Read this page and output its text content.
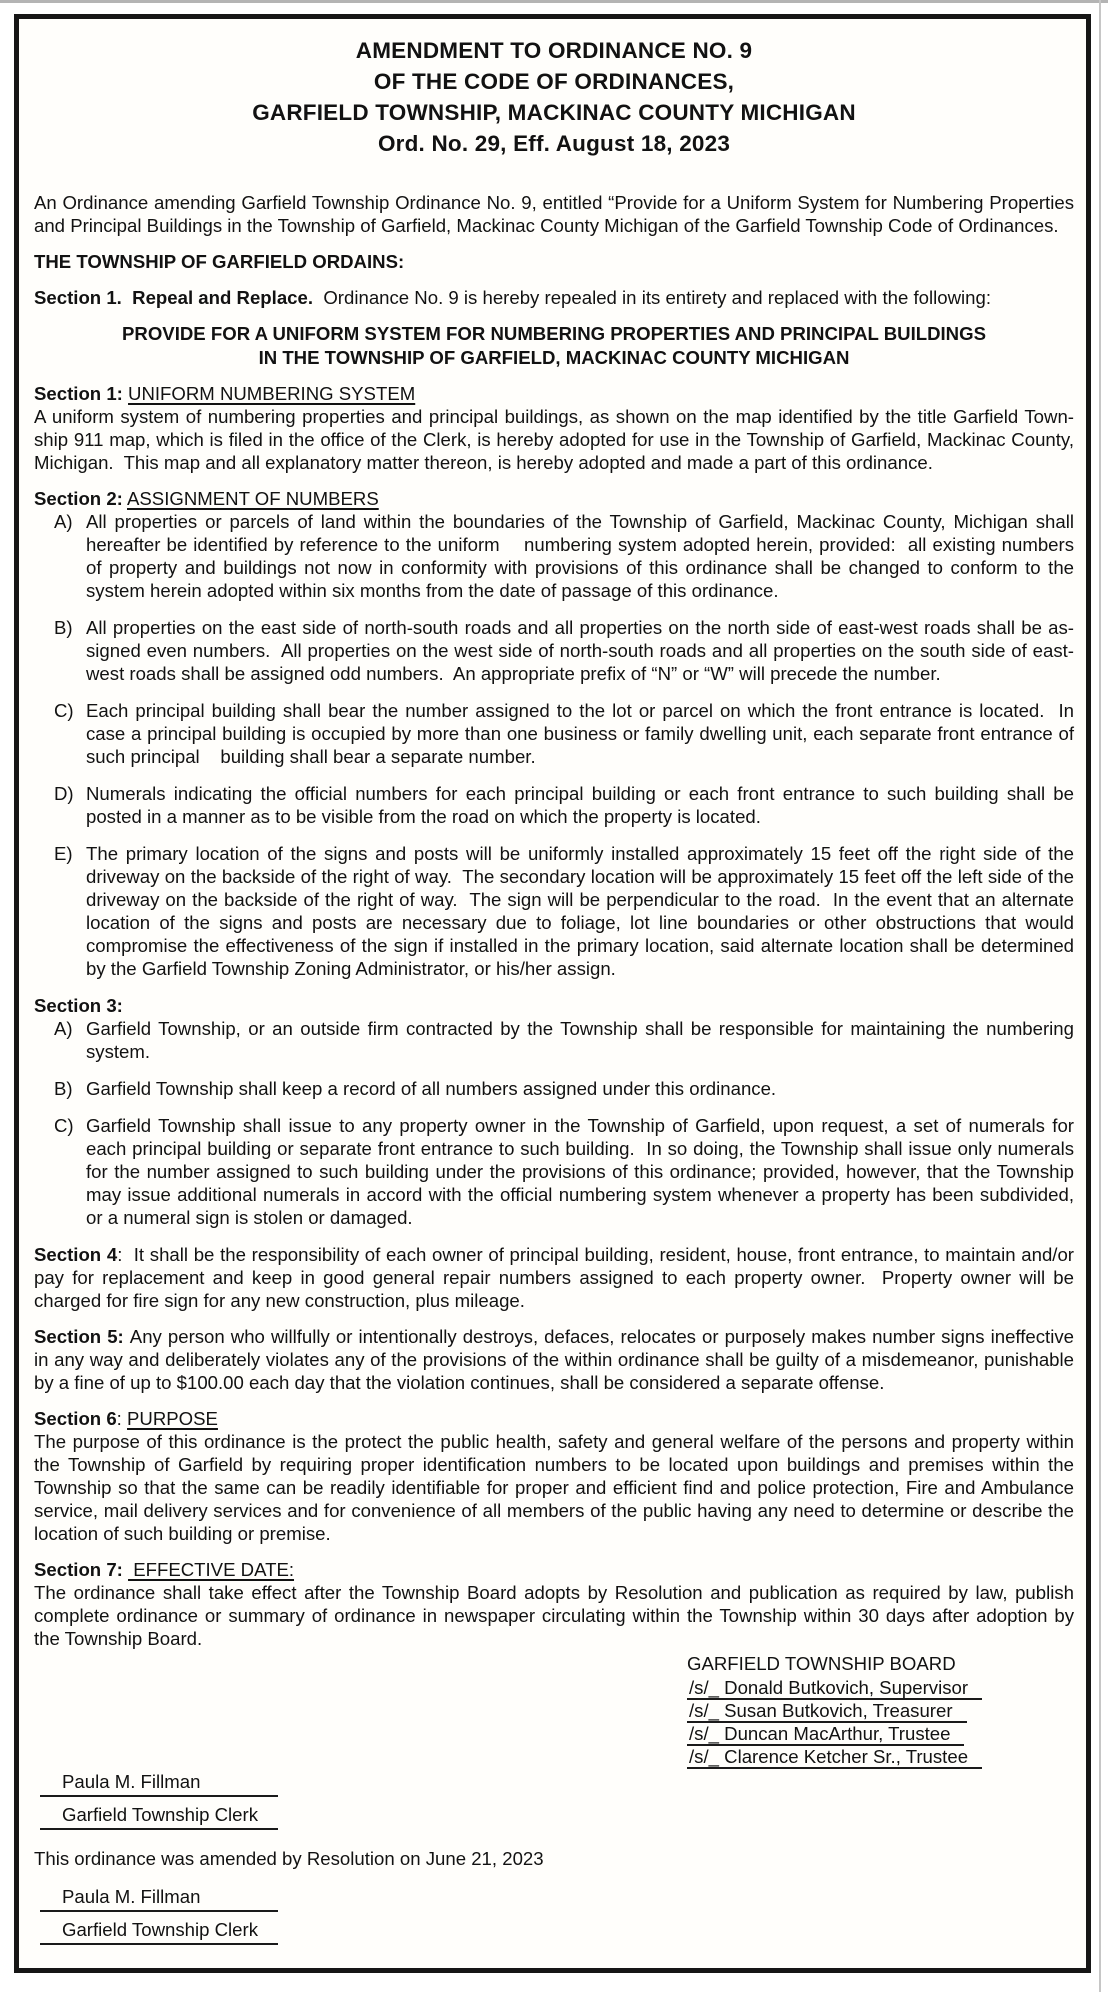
AMENDMENT TO ORDINANCE NO. 9
OF THE CODE OF ORDINANCES,
GARFIELD TOWNSHIP, MACKINAC COUNTY MICHIGAN
Ord. No. 29, Eff. August 18, 2023

An Ordinance amending Garfield Township Ordinance No. 9, entitled “Provide for a Uniform System for Numbering Properties and Principal Buildings in the Township of Garfield, Mackinac County Michigan of the Garfield Township Code of Ordinances.

THE TOWNSHIP OF GARFIELD ORDAINS:

Section 1.  Repeal and Replace.  Ordinance No. 9 is hereby repealed in its entirety and replaced with the following:

PROVIDE FOR A UNIFORM SYSTEM FOR NUMBERING PROPERTIES AND PRINCIPAL BUILDINGS
IN THE TOWNSHIP OF GARFIELD, MACKINAC COUNTY MICHIGAN

Section 1: UNIFORM NUMBERING SYSTEM

A uniform system of numbering properties and principal buildings, as shown on the map identified by the title Garfield Township 911 map, which is filed in the office of the Clerk, is hereby adopted for use in the Township of Garfield, Mackinac County, Michigan.  This map and all explanatory matter thereon, is hereby adopted and made a part of this ordinance.

Section 2: ASSIGNMENT OF NUMBERS

A) All properties or parcels of land within the boundaries of the Township of Garfield, Mackinac County, Michigan shall hereafter be identified by reference to the uniform    numbering system adopted herein, provided:  all existing numbers of property and buildings not now in conformity with provisions of this ordinance shall be changed to conform to the system herein adopted within six months from the date of passage of this ordinance.
B) All properties on the east side of north-south roads and all properties on the north side of east-west roads shall be assigned even numbers.  All properties on the west side of north-south roads and all properties on the south side of east-west roads shall be assigned odd numbers.  An appropriate prefix of “N” or “W” will precede the number.
C) Each principal building shall bear the number assigned to the lot or parcel on which the front entrance is located.  In case a principal building is occupied by more than one business or family dwelling unit, each separate front entrance of such principal    building shall bear a separate number.
D) Numerals indicating the official numbers for each principal building or each front entrance to such building shall be posted in a manner as to be visible from the road on which the property is located.
E) The primary location of the signs and posts will be uniformly installed approximately 15 feet off the right side of the driveway on the backside of the right of way.  The secondary location will be approximately 15 feet off the left side of the driveway on the backside of the right of way.  The sign will be perpendicular to the road.  In the event that an alternate location of the signs and posts are necessary due to foliage, lot line boundaries or other obstructions that would compromise the effectiveness of the sign if installed in the primary location, said alternate location shall be determined by the Garfield Township Zoning Administrator, or his/her assign.

Section 3:

A) Garfield Township, or an outside firm contracted by the Township shall be responsible for maintaining the numbering system.
B) Garfield Township shall keep a record of all numbers assigned under this ordinance.
C) Garfield Township shall issue to any property owner in the Township of Garfield, upon request, a set of numerals for each principal building or separate front entrance to such building.  In so doing, the Township shall issue only numerals for the number assigned to such building under the provisions of this ordinance; provided, however, that the Township may issue additional numerals in accord with the official numbering system whenever a property has been subdivided, or a numeral sign is stolen or damaged.

Section 4:  It shall be the responsibility of each owner of principal building, resident, house, front entrance, to maintain and/or pay for replacement and keep in good general repair numbers assigned to each property owner.  Property owner will be charged for fire sign for any new construction, plus mileage.

Section 5: Any person who willfully or intentionally destroys, defaces, relocates or purposely makes number signs ineffective in any way and deliberately violates any of the provisions of the within ordinance shall be guilty of a misdemeanor, punishable by a fine of up to $100.00 each day that the violation continues, shall be considered a separate offense.

Section 6: PURPOSE

The purpose of this ordinance is the protect the public health, safety and general welfare of the persons and property within the Township of Garfield by requiring proper identification numbers to be located upon buildings and premises within the Township so that the same can be readily identifiable for proper and efficient find and police protection, Fire and Ambulance service, mail delivery services and for convenience of all members of the public having any need to determine or describe the location of such building or premise.

Section 7:  EFFECTIVE DATE:

The ordinance shall take effect after the Township Board adopts by Resolution and publication as required by law, publish complete ordinance or summary of ordinance in newspaper circulating within the Township within 30 days after adoption by the Township Board.

GARFIELD TOWNSHIP BOARD
/s/_ Donald Butkovich, Supervisor
/s/_ Susan Butkovich, Treasurer
/s/_ Duncan MacArthur, Trustee
/s/_ Clarence Ketcher Sr., Trustee
Paula M. Fillman
Garfield Township Clerk

This ordinance was amended by Resolution on June 21, 2023

Paula M. Fillman
Garfield Township Clerk
